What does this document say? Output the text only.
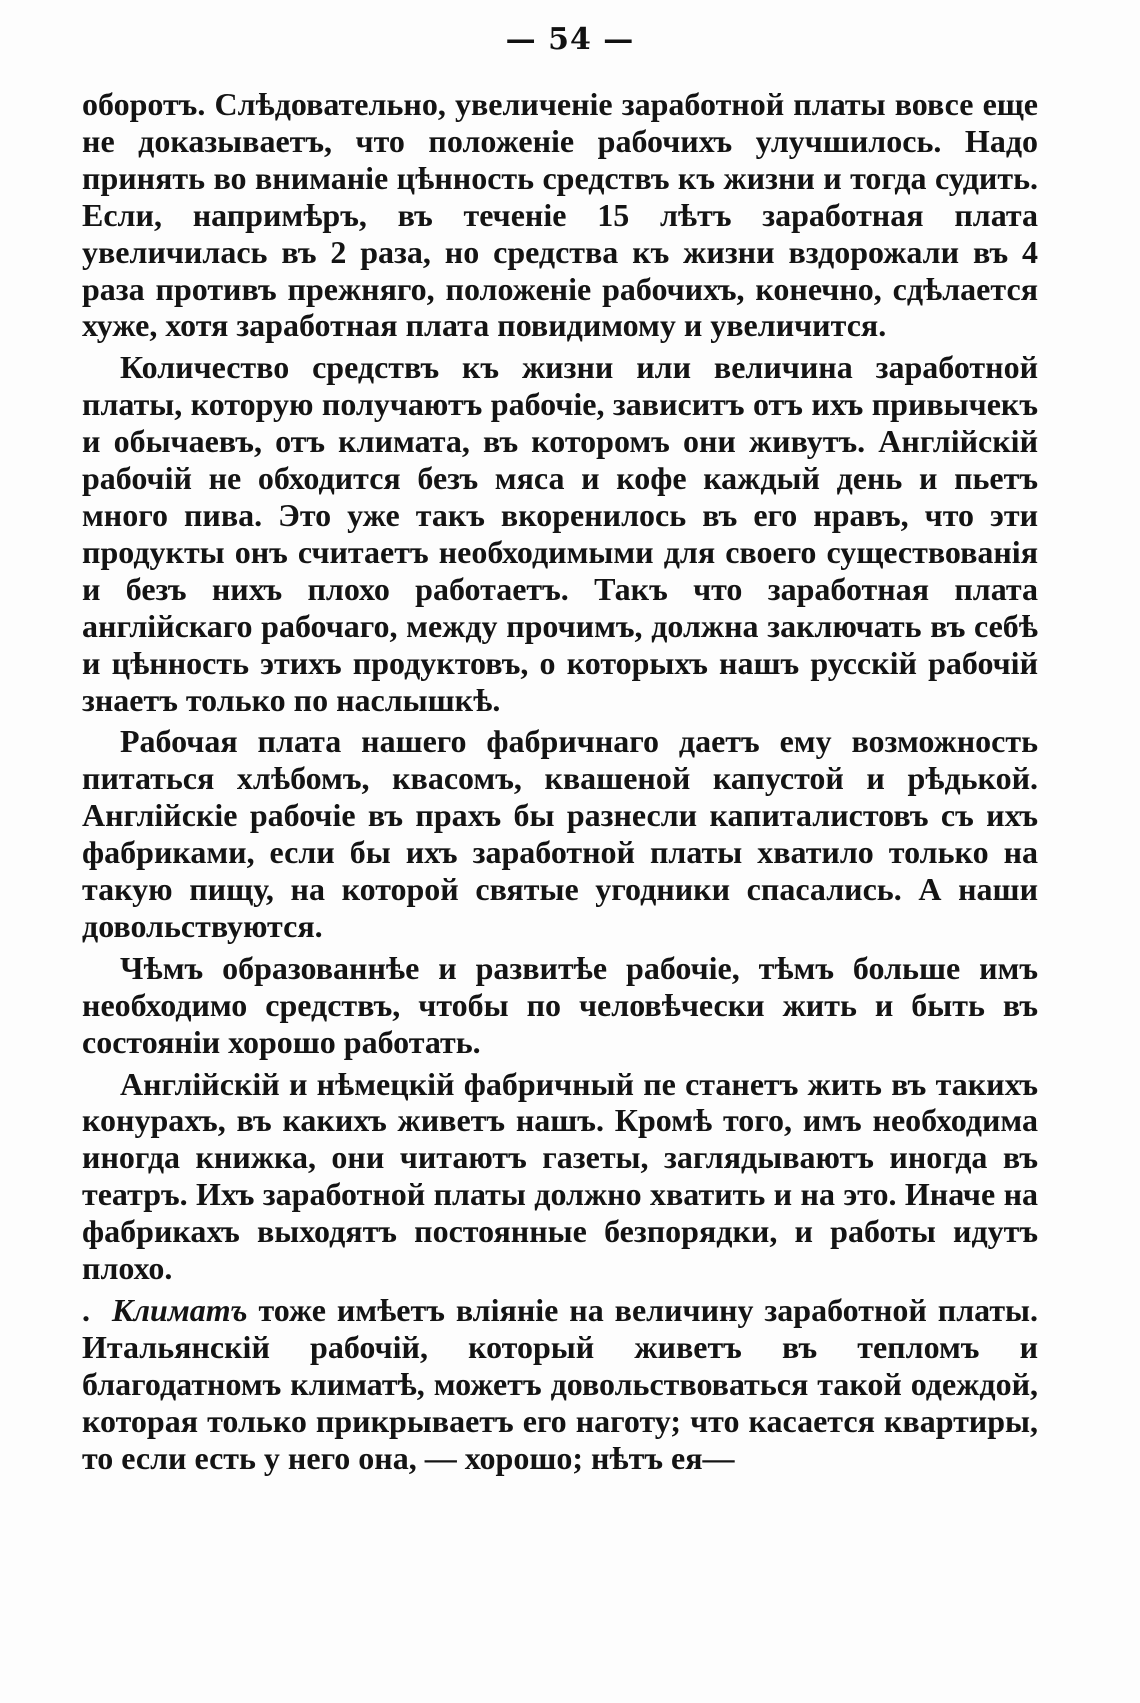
— 54 —

оборотъ. Слѣдовательно, увеличеніе заработной платы вовсе еще не доказываетъ, что положеніе рабочихъ улучшилось. Надо принять во вниманіе цѣнность средствъ къ жизни и тогда судить. Если, напримѣръ, въ теченіе 15 лѣтъ заработная плата увеличилась въ 2 раза, но средства къ жизни вздорожали въ 4 раза противъ прежняго, положеніе рабочихъ, конечно, сдѣлается хуже, хотя заработная плата повидимому и увеличится.

Количество средствъ къ жизни или величина заработной платы, которую получаютъ рабочіе, зависитъ отъ ихъ привычекъ и обычаевъ, отъ климата, въ которомъ они живутъ. Англійскій рабочій не обходится безъ мяса и кофе каждый день и пьетъ много пива. Это уже такъ вкоренилось въ его нравъ, что эти продукты онъ считаетъ необходимыми для своего существованія и безъ нихъ плохо работаетъ. Такъ что заработная плата англійскаго рабочаго, между прочимъ, должна заключать въ себѣ и цѣнность этихъ продуктовъ, о которыхъ нашъ русскій рабочій знаетъ только по наслышкѣ.

Рабочая плата нашего фабричнаго даетъ ему возможность питаться хлѣбомъ, квасомъ, квашеной капустой и рѣдькой. Англійскіе рабочіе въ прахъ бы разнесли капиталистовъ съ ихъ фабриками, если бы ихъ заработной платы хватило только на такую пищу, на которой святые угодники спасались. А наши довольствуются.

Чѣмъ образованнѣе и развитѣе рабочіе, тѣмъ больше имъ необходимо средствъ, чтобы по человѣчески жить и быть въ состояніи хорошо работать.

Англійскій и нѣмецкій фабричный пе станетъ жить въ такихъ конурахъ, въ какихъ живетъ нашъ. Кромѣ того, имъ необходима иногда книжка, они читаютъ газеты, заглядываютъ иногда въ театръ. Ихъ заработной платы должно хватить и на это. Иначе на фабрикахъ выходятъ постоянные безпорядки, и работы идутъ плохо.

. Климатъ тоже имѣетъ вліяніе на величину заработной платы. Итальянскій рабочій, который живетъ въ тепломъ и благодатномъ климатѣ, можетъ довольствоваться такой одеждой, которая только прикрываетъ его наготу; что касается квартиры, то если есть у него она, — хорошо; нѣтъ ея—
